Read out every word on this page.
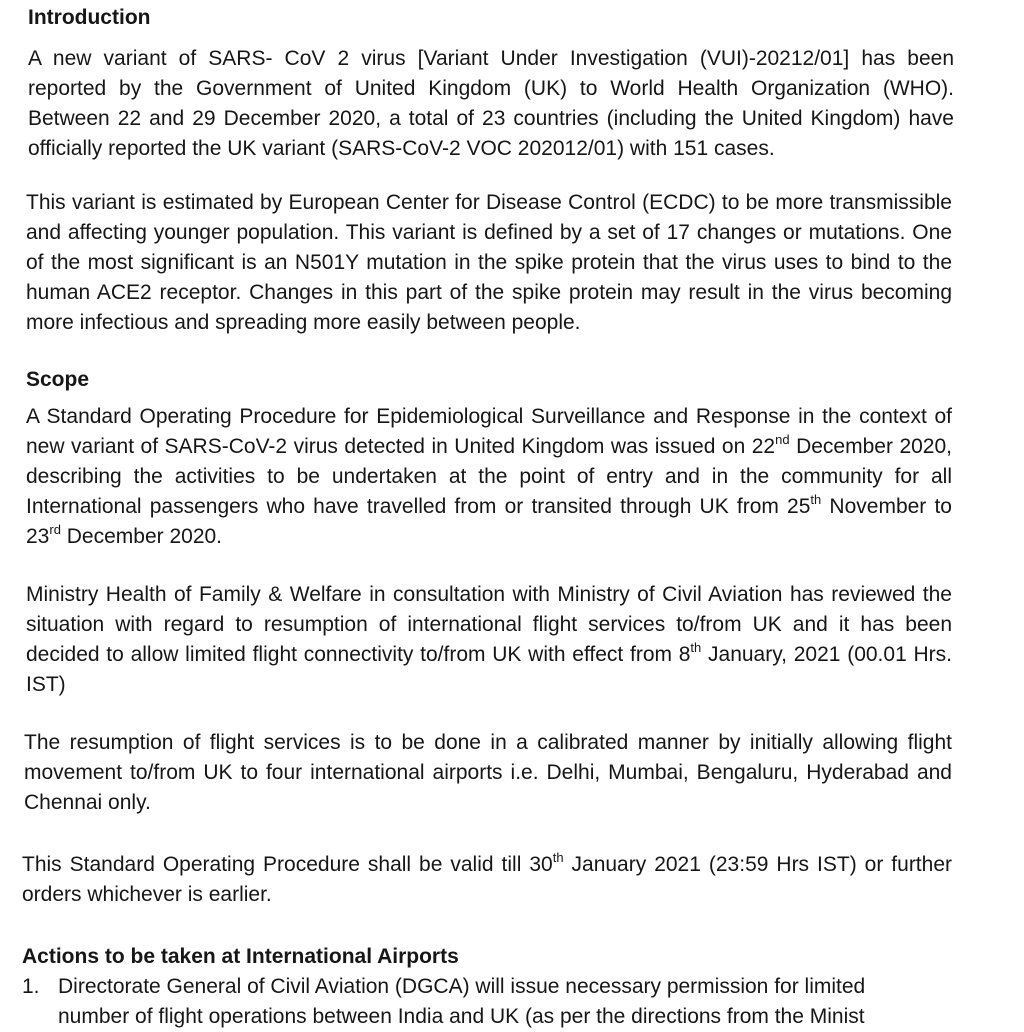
Introduction

A new variant of SARS- CoV 2 virus [Variant Under Investigation (VUI)-20212/01] has been reported by the Government of United Kingdom (UK) to World Health Organization (WHO). Between 22 and 29 December 2020, a total of 23 countries (including the United Kingdom) have officially reported the UK variant (SARS-CoV-2 VOC 202012/01) with 151 cases.

This variant is estimated by European Center for Disease Control (ECDC) to be more transmissible and affecting younger population. This variant is defined by a set of 17 changes or mutations. One of the most significant is an N501Y mutation in the spike protein that the virus uses to bind to the human ACE2 receptor. Changes in this part of the spike protein may result in the virus becoming more infectious and spreading more easily between people.

Scope

A Standard Operating Procedure for Epidemiological Surveillance and Response in the context of new variant of SARS-CoV-2 virus detected in United Kingdom was issued on 22nd December 2020, describing the activities to be undertaken at the point of entry and in the community for all International passengers who have travelled from or transited through UK from 25th November to 23rd December 2020.

Ministry Health of Family & Welfare in consultation with Ministry of Civil Aviation has reviewed the situation with regard to resumption of international flight services to/from UK and it has been decided to allow limited flight connectivity to/from UK with effect from 8th January, 2021 (00.01 Hrs. IST)

The resumption of flight services is to be done in a calibrated manner by initially allowing flight movement to/from UK to four international airports i.e. Delhi, Mumbai, Bengaluru, Hyderabad and Chennai only.

This Standard Operating Procedure shall be valid till 30th January 2021 (23:59 Hrs IST) or further orders whichever is earlier.

Actions to be taken at International Airports
1. Directorate General of Civil Aviation (DGCA) will issue necessary permission for limited
number of flight operations between India and UK (as per the directions from the Minist
